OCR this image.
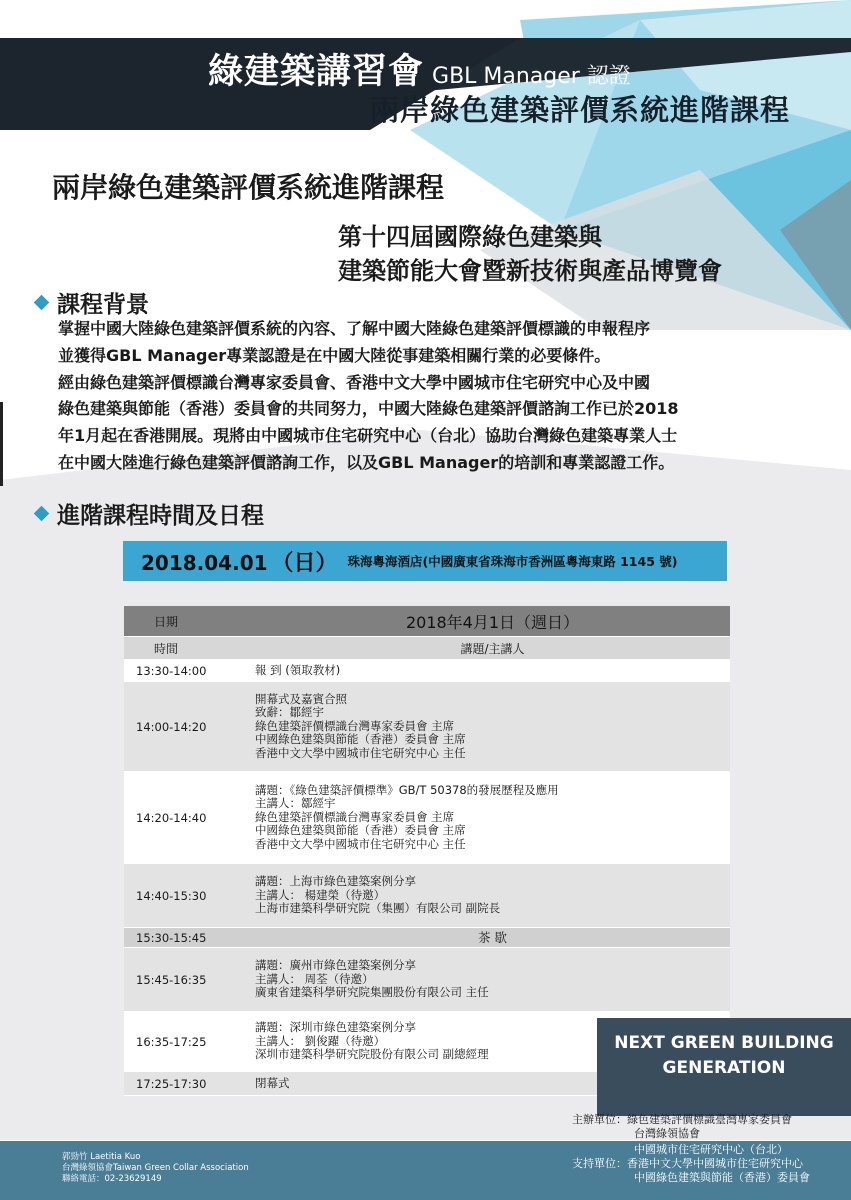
綠建築講習會 GBL Manager 認證
兩岸綠色建築評價系統進階課程
兩岸綠色建築評價系統進階課程
第十四屆國際綠色建築與
建築節能大會暨新技術與產品博覽會
課程背景
掌握中國大陸綠色建築評價系統的內容、了解中國大陸綠色建築評價標識的申報程序
並獲得GBL Manager專業認證是在中國大陸從事建築相關行業的必要條件。
經由綠色建築評價標識台灣專家委員會、香港中文大學中國城市住宅研究中心及中國
綠色建築與節能（香港）委員會的共同努力，中國大陸綠色建築評價諮詢工作已於2018
年1月起在香港開展。現將由中國城市住宅研究中心（台北）協助台灣綠色建築專業人士
在中國大陸進行綠色建築評價諮詢工作，以及GBL Manager的培訓和專業認證工作。
進階課程時間及日程
2018.04.01 （日） 珠海粵海酒店(中國廣東省珠海市香洲區粵海東路 1145 號)
日期	2018年4月1日（週日）
時間	講題/主講人
13:30-14:00	報 到 (領取教材)

14:00-14:20	開幕式及嘉賓合照
致辭：鄒經宇
綠色建築評價標識台灣專家委員會 主席
中國綠色建築與節能（香港）委員會 主席
香港中文大學中國城市住宅研究中心 主任

14:20-14:40	講題：《綠色建築評價標準》GB/T 50378的發展歷程及應用
主講人：鄒經宇
綠色建築評價標識台灣專家委員會 主席
中國綠色建築與節能（香港）委員會 主席
香港中文大學中國城市住宅研究中心 主任

14:40-15:30	講題：上海市綠色建築案例分享
主講人： 楊建榮（待邀）
上海市建築科學研究院（集團）有限公司 副院長

15:30-15:45	茶 歇

15:45-16:35	講題：廣州市綠色建築案例分享
主講人： 周荃（待邀）
廣東省建築科學研究院集團股份有限公司 主任

16:35-17:25	講題：深圳市綠色建築案例分享
主講人： 劉俊躍（待邀）
深圳市建築科學研究院股份有限公司 副總經理

17:25-17:30	閉幕式
NEXT GREEN BUILDING
GENERATION
主辦單位：綠色建築評價標識臺灣專家委員會
台灣綠領協會
中國城市住宅研究中心（台北）
支持單位：香港中文大學中國城市住宅研究中心
中國綠色建築與節能（香港）委員會
郭勁竹 Laetitia Kuo
台灣綠領協會Taiwan Green Collar Association
聯絡電話：02-23629149
